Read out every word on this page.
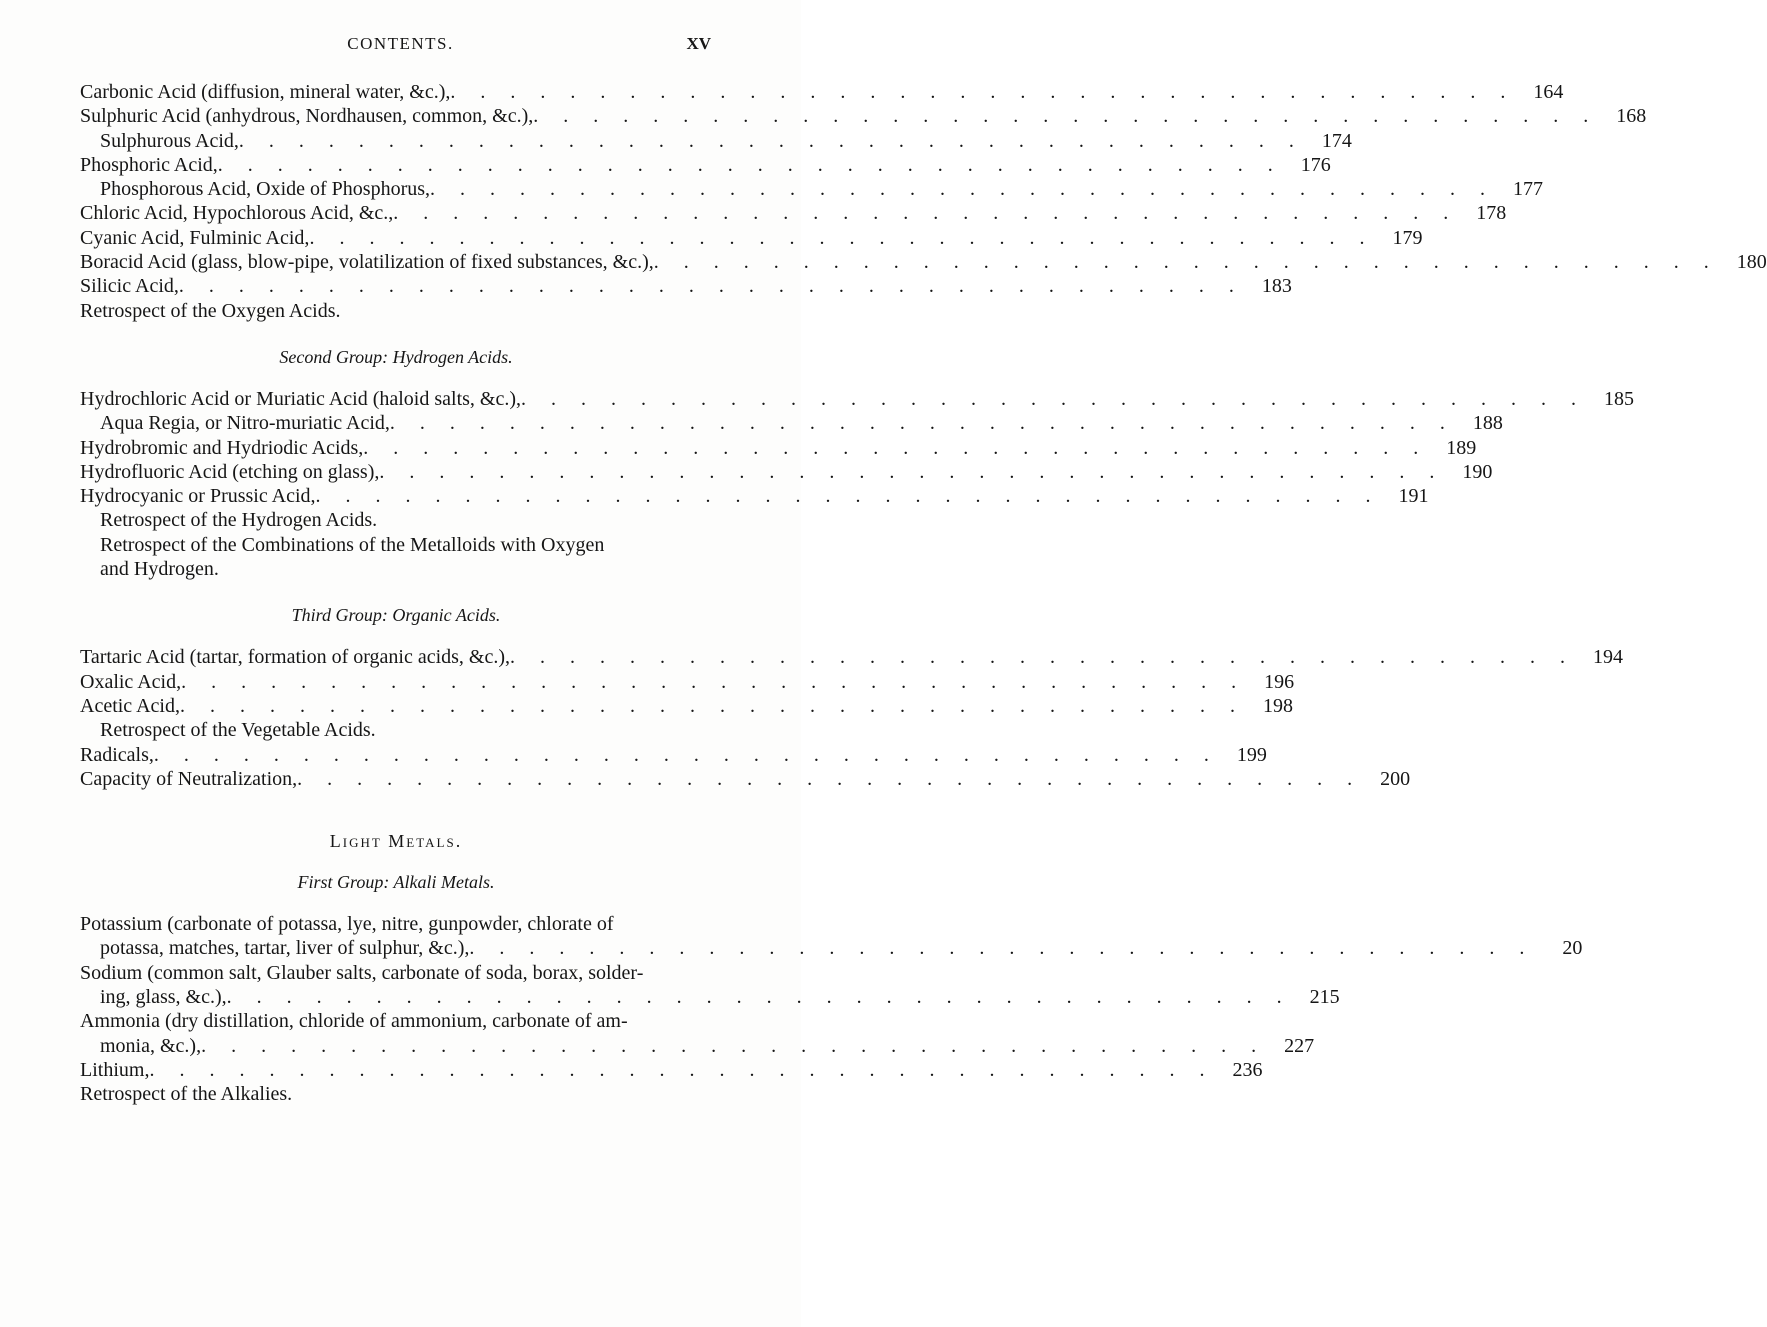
CONTENTS.	XV
Carbonic Acid (diffusion, mineral water, &c.), . . . . . . . . . . . . . . . . . . . . . . . . . . . . . . . . . . . . 164
Sulphuric Acid (anhydrous, Nordhausen, common, &c.), . . . . . . . . . . . . . . . . . . . . . . . . . . . . . . . . . . . . 168
Sulphurous Acid, . . . . . . . . . . . . . . . . . . . . . . . . . . . . . . . . . . . . 174
Phosphoric Acid, . . . . . . . . . . . . . . . . . . . . . . . . . . . . . . . . . . . . 176
Phosphorous Acid, Oxide of Phosphorus, . . . . . . . . . . . . . . . . . . . . . . . . . . . . . . . . . . . . 177
Chloric Acid, Hypochlorous Acid, &c., . . . . . . . . . . . . . . . . . . . . . . . . . . . . . . . . . . . . 178
Cyanic Acid, Fulminic Acid, . . . . . . . . . . . . . . . . . . . . . . . . . . . . . . . . . . . . 179
Boracid Acid (glass, blow-pipe, volatilization of fixed substances, &c.), . . . . . . . . . . . . . . . . . . . . . . . . . . . . . . . . . . . . 180
Silicic Acid, . . . . . . . . . . . . . . . . . . . . . . . . . . . . . . . . . . . . 183
Retrospect of the Oxygen Acids.
Second Group: Hydrogen Acids.
Hydrochloric Acid or Muriatic Acid (haloid salts, &c.), . . . . . . . . . . . . . . . . . . . . . . . . . . . . . . . . . . . . 185
Aqua Regia, or Nitro-muriatic Acid, . . . . . . . . . . . . . . . . . . . . . . . . . . . . . . . . . . . . 188
Hydrobromic and Hydriodic Acids, . . . . . . . . . . . . . . . . . . . . . . . . . . . . . . . . . . . . 189
Hydrofluoric Acid (etching on glass), . . . . . . . . . . . . . . . . . . . . . . . . . . . . . . . . . . . . 190
Hydrocyanic or Prussic Acid, . . . . . . . . . . . . . . . . . . . . . . . . . . . . . . . . . . . . 191
Retrospect of the Hydrogen Acids.
Retrospect of the Combinations of the Metalloids with Oxygen
and Hydrogen.
Third Group: Organic Acids.
Tartaric Acid (tartar, formation of organic acids, &c.), . . . . . . . . . . . . . . . . . . . . . . . . . . . . . . . . . . . . 194
Oxalic Acid, . . . . . . . . . . . . . . . . . . . . . . . . . . . . . . . . . . . . 196
Acetic Acid, . . . . . . . . . . . . . . . . . . . . . . . . . . . . . . . . . . . . 198
Retrospect of the Vegetable Acids.
Radicals, . . . . . . . . . . . . . . . . . . . . . . . . . . . . . . . . . . . . 199
Capacity of Neutralization, . . . . . . . . . . . . . . . . . . . . . . . . . . . . . . . . . . . . 200
Light Metals.
First Group: Alkali Metals.
Potassium (carbonate of potassa, lye, nitre, gunpowder, chlorate of
potassa, matches, tartar, liver of sulphur, &c.), . . . . . . . . . . . . . . . . . . . . . . . . . . . . . . . . . . . .	20
Sodium (common salt, Glauber salts, carbonate of soda, borax, solder-
ing, glass, &c.), . . . . . . . . . . . . . . . . . . . . . . . . . . . . . . . . . . . . 215
Ammonia (dry distillation, chloride of ammonium, carbonate of am-
monia, &c.), . . . . . . . . . . . . . . . . . . . . . . . . . . . . . . . . . . . . 227
Lithium, . . . . . . . . . . . . . . . . . . . . . . . . . . . . . . . . . . . . 236
Retrospect of the Alkalies.
